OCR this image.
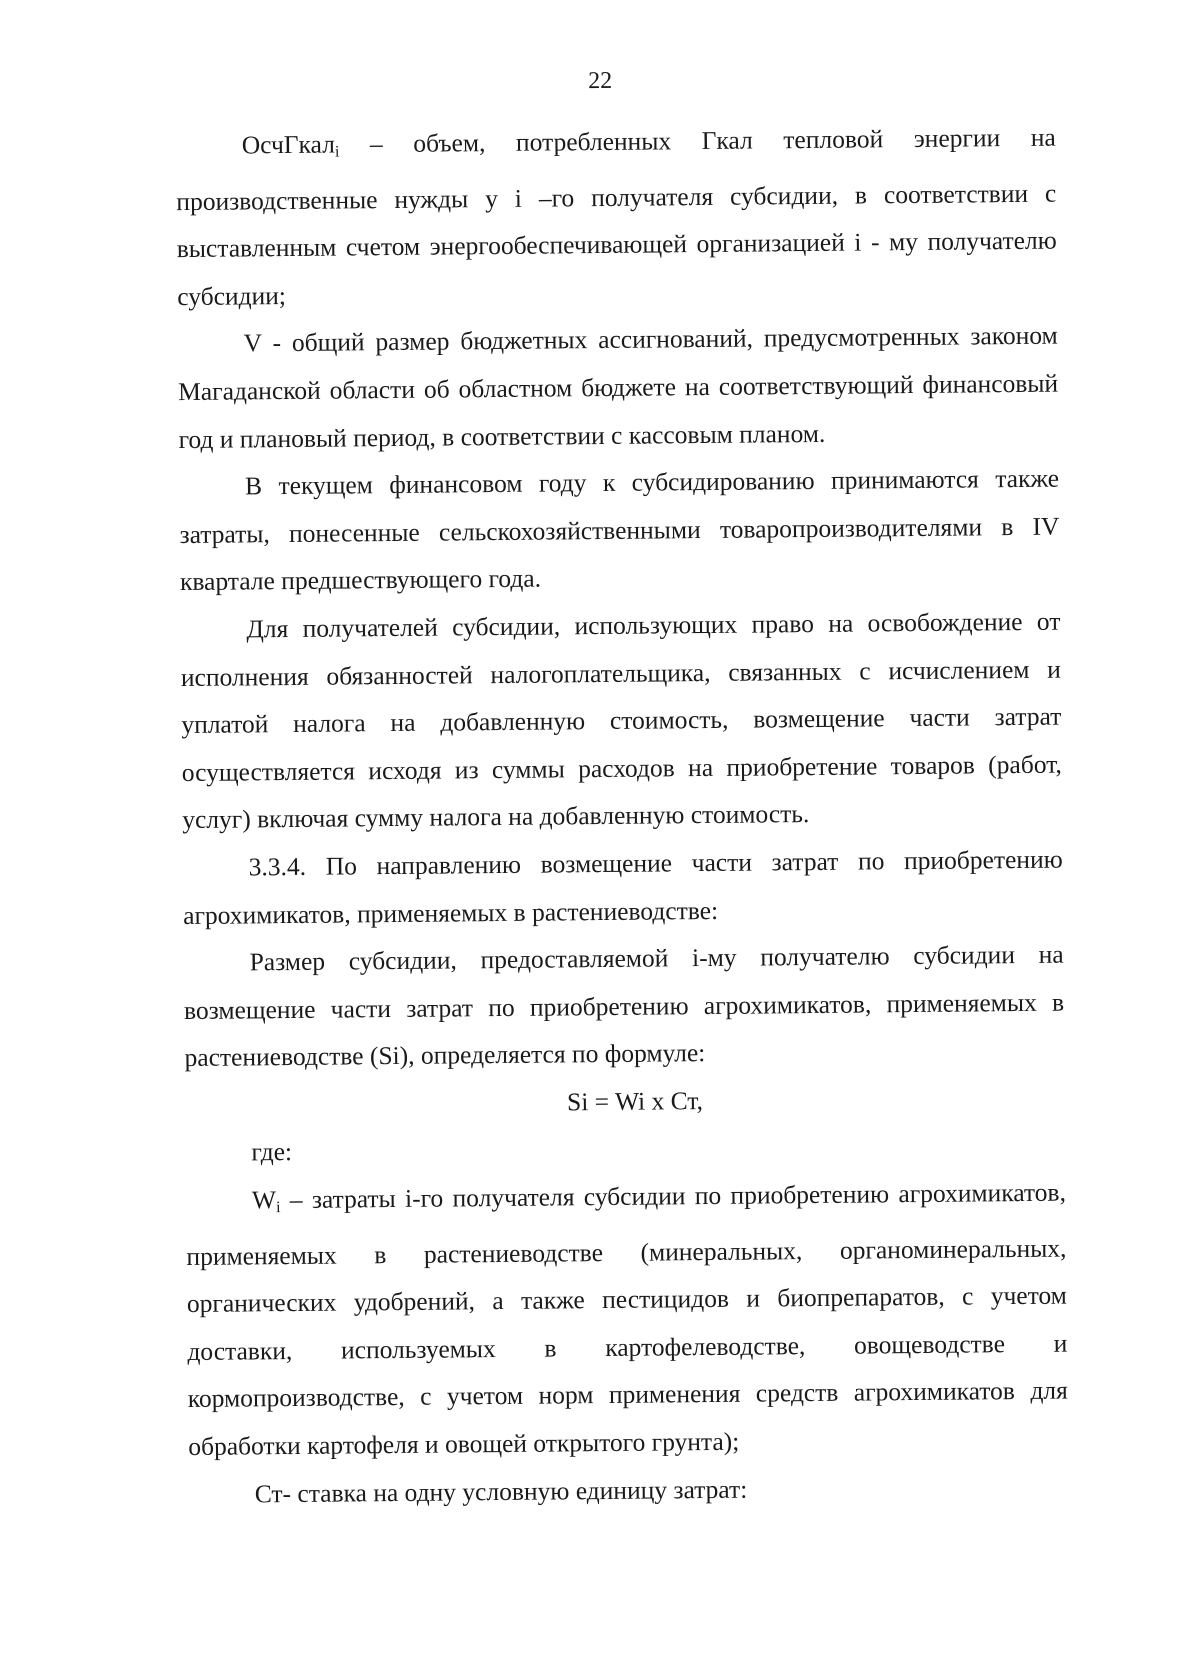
22

ОсчГкал$_i$ – объем, потребленных Гкал тепловой энергии на производственные нужды у i –го получателя субсидии, в соответствии с выставленным счетом энергообеспечивающей организацией i - му получателю субсидии;

V - общий размер бюджетных ассигнований, предусмотренных законом Магаданской области об областном бюджете на соответствующий финансовый год и плановый период, в соответствии с кассовым планом.

В текущем финансовом году к субсидированию принимаются также затраты, понесенные сельскохозяйственными товаропроизводителями в IV квартале предшествующего года.

Для получателей субсидии, использующих право на освобождение от исполнения обязанностей налогоплательщика, связанных с исчислением и уплатой налога на добавленную стоимость, возмещение части затрат осуществляется исходя из суммы расходов на приобретение товаров (работ, услуг) включая сумму налога на добавленную стоимость.

3.3.4. По направлению возмещение части затрат по приобретению агрохимикатов, применяемых в растениеводстве:

Размер субсидии, предоставляемой i-му получателю субсидии на возмещение части затрат по приобретению агрохимикатов, применяемых в растениеводстве (Si), определяется по формуле:

Si = Wi x Ст,

где:

$W_i$ – затраты i-го получателя субсидии по приобретению агрохимикатов, применяемых в растениеводстве (минеральных, органоминеральных, органических удобрений, а также пестицидов и биопрепаратов, с учетом доставки, используемых в картофелеводстве, овощеводстве и кормопроизводстве, с учетом норм применения средств агрохимикатов для обработки картофеля и овощей открытого грунта);

Ст- ставка на одну условную единицу затрат:
